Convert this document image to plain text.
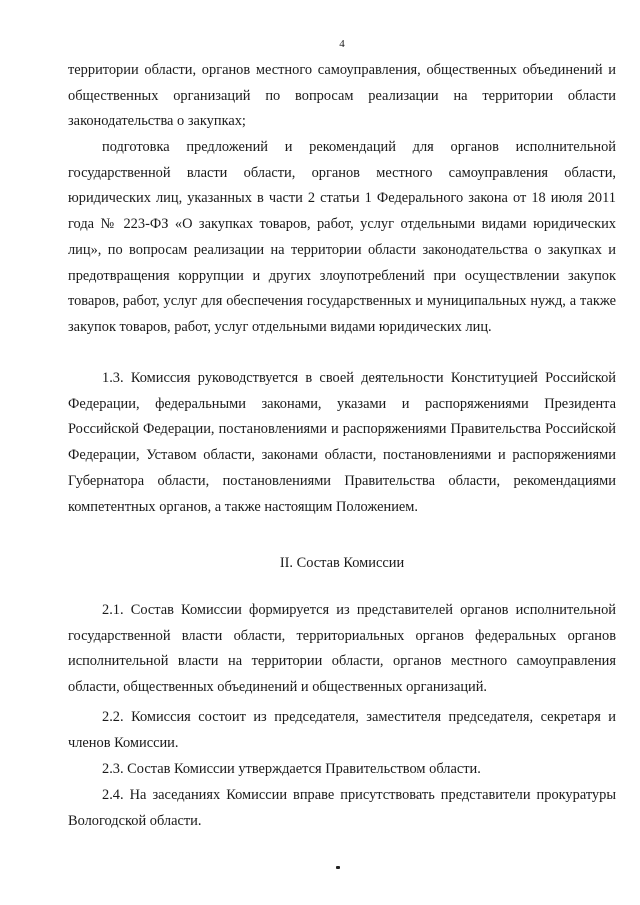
4

территории области, органов местного самоуправления, общественных объединений и общественных организаций по вопросам реализации на территории области законодательства о закупках;

подготовка предложений и рекомендаций для органов исполнительной государственной власти области, органов местного самоуправления области, юридических лиц, указанных в части 2 статьи 1 Федерального закона от 18 июля 2011 года № 223-ФЗ «О закупках товаров, работ, услуг отдельными видами юридических лиц», по вопросам реализации на территории области законодательства о закупках и предотвращения коррупции и других злоупотреблений при осуществлении закупок товаров, работ, услуг для обеспечения государственных и муниципальных нужд, а также закупок товаров, работ, услуг отдельными видами юридических лиц.

1.3. Комиссия руководствуется в своей деятельности Конституцией Российской Федерации, федеральными законами, указами и распоряжениями Президента Российской Федерации, постановлениями и распоряжениями Правительства Российской Федерации, Уставом области, законами области, постановлениями и распоряжениями Губернатора области, постановлениями Правительства области, рекомендациями компетентных органов, а также настоящим Положением.

II. Состав Комиссии

2.1. Состав Комиссии формируется из представителей органов исполнительной государственной власти области, территориальных органов федеральных органов исполнительной власти на территории области, органов местного самоуправления области, общественных объединений и общественных организаций.

2.2. Комиссия состоит из председателя, заместителя председателя, секретаря и членов Комиссии.

2.3. Состав Комиссии утверждается Правительством области.

2.4. На заседаниях Комиссии вправе присутствовать представители прокуратуры Вологодской области.
